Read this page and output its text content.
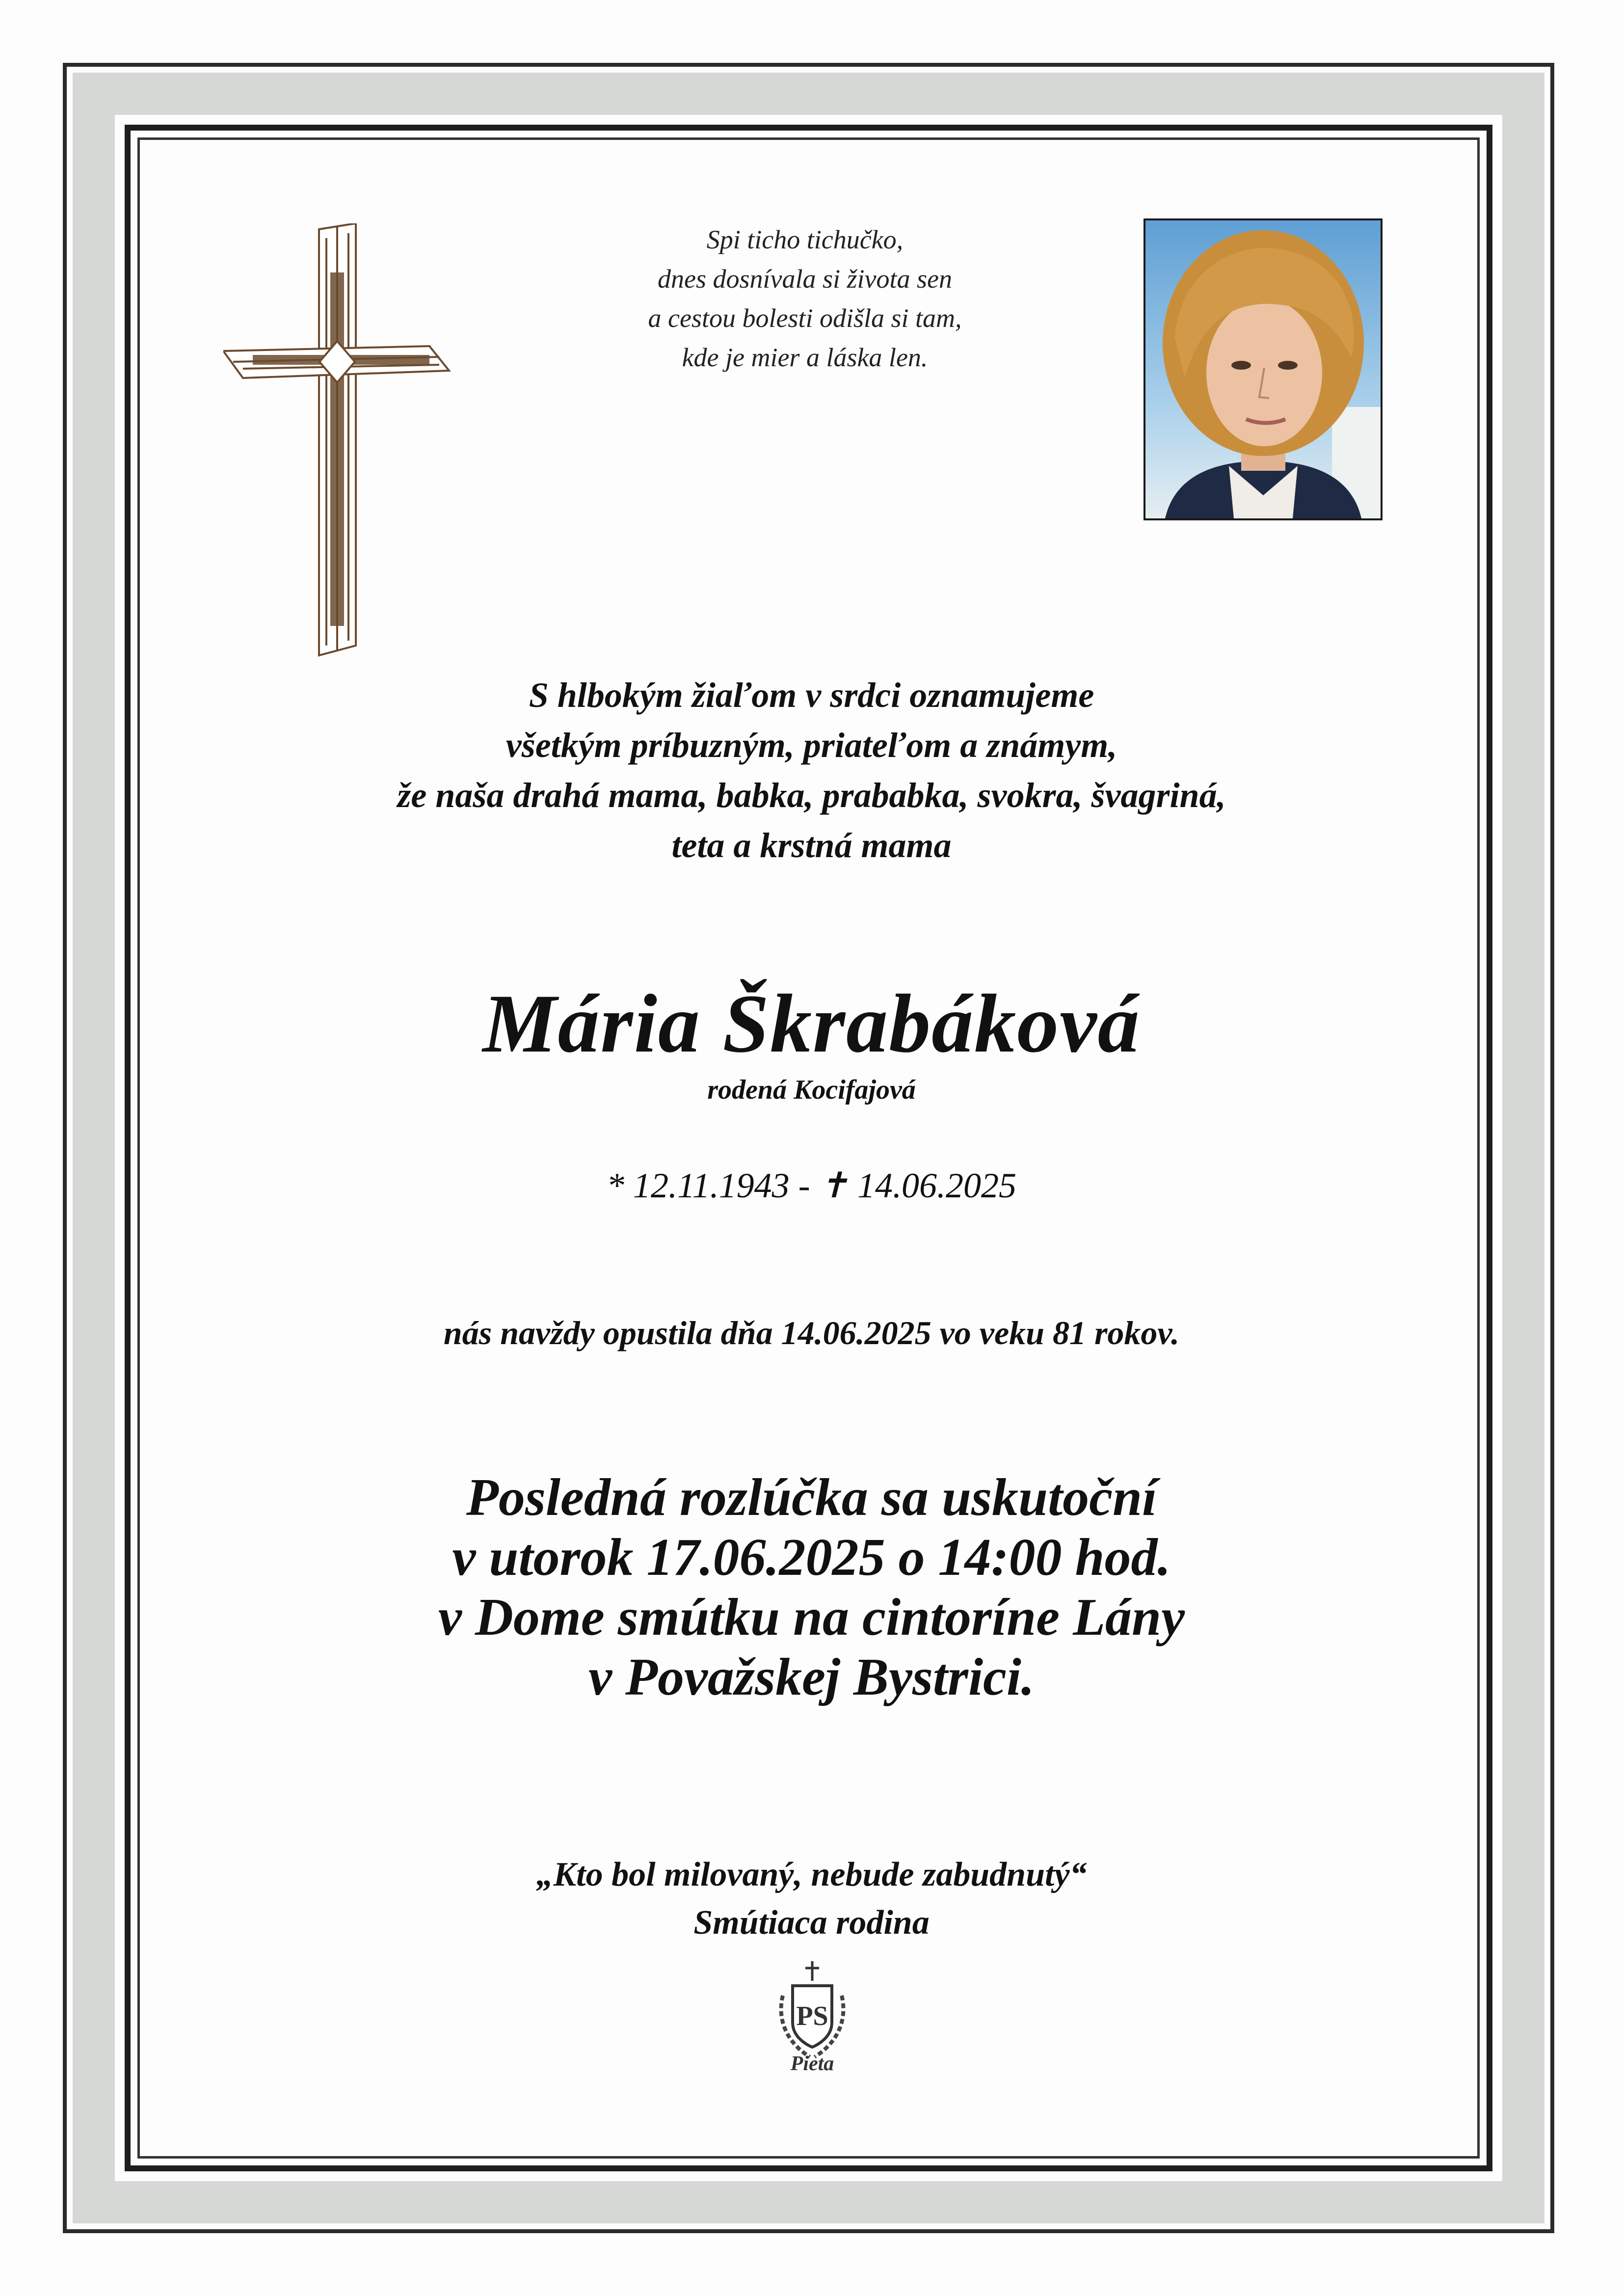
Spi ticho tichučko,
dnes dosnívala si života sen
a cestou bolesti odišla si tam,
kde je mier a láska len.
S hlbokým žiaľom v srdci oznamujeme
všetkým príbuzným, priateľom a známym,
že naša drahá mama, babka, prababka, svokra, švagriná,
teta a krstná mama
Mária Škrabáková
rodená Kocifajová
* 12.11.1943 - ✝ 14.06.2025
nás navždy opustila dňa 14.06.2025 vo veku 81 rokov.
Posledná rozlúčka sa uskutoční
v utorok 17.06.2025 o 14:00 hod.
v Dome smútku na cintoríne Lány
v Považskej Bystrici.
„Kto bol milovaný, nebude zabudnutý“
Smútiaca rodina
PS
Pieta
